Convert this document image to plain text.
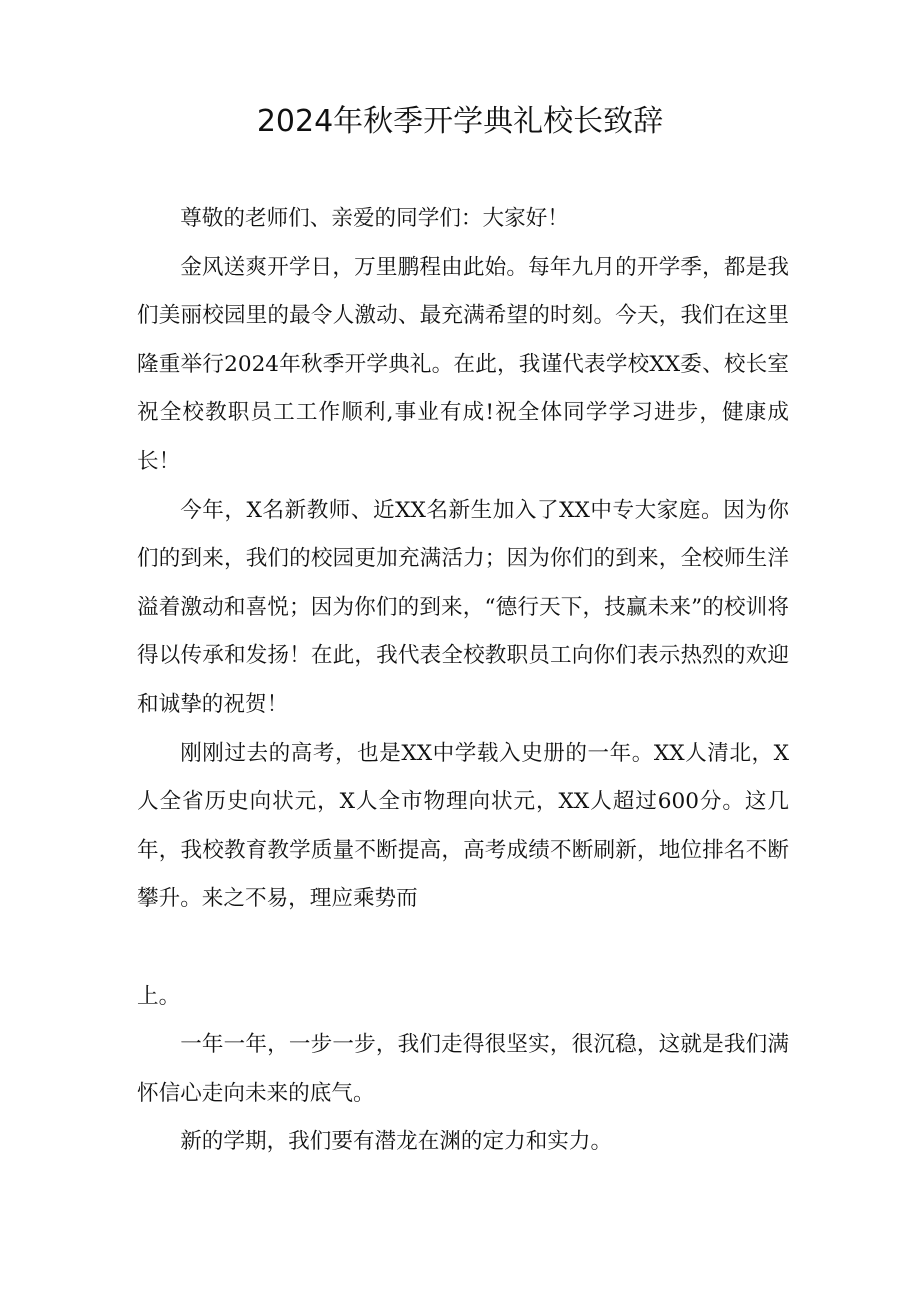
2024年秋季开学典礼校长致辞

尊敬的老师们、亲爱的同学们：大家好！

金风送爽开学日，万里鹏程由此始。每年九月的开学季，都是我们美丽校园里的最令人激动、最充满希望的时刻。今天，我们在这里隆重举行2024年秋季开学典礼。在此，我谨代表学校XX委、校长室祝全校教职员工工作顺利,事业有成!祝全体同学学习进步，健康成长！

今年，X名新教师、近XX名新生加入了XX中专大家庭。因为你们的到来，我们的校园更加充满活力；因为你们的到来，全校师生洋溢着激动和喜悦；因为你们的到来，“德行天下，技赢未来”的校训将得以传承和发扬！在此，我代表全校教职员工向你们表示热烈的欢迎和诚挚的祝贺！

刚刚过去的高考，也是XX中学载入史册的一年。XX人清北，X人全省历史向状元，X人全市物理向状元，XX人超过600分。这几年，我校教育教学质量不断提高，高考成绩不断刷新，地位排名不断攀升。来之不易，理应乘势而

上。

一年一年，一步一步，我们走得很坚实，很沉稳，这就是我们满怀信心走向未来的底气。

新的学期，我们要有潜龙在渊的定力和实力。
